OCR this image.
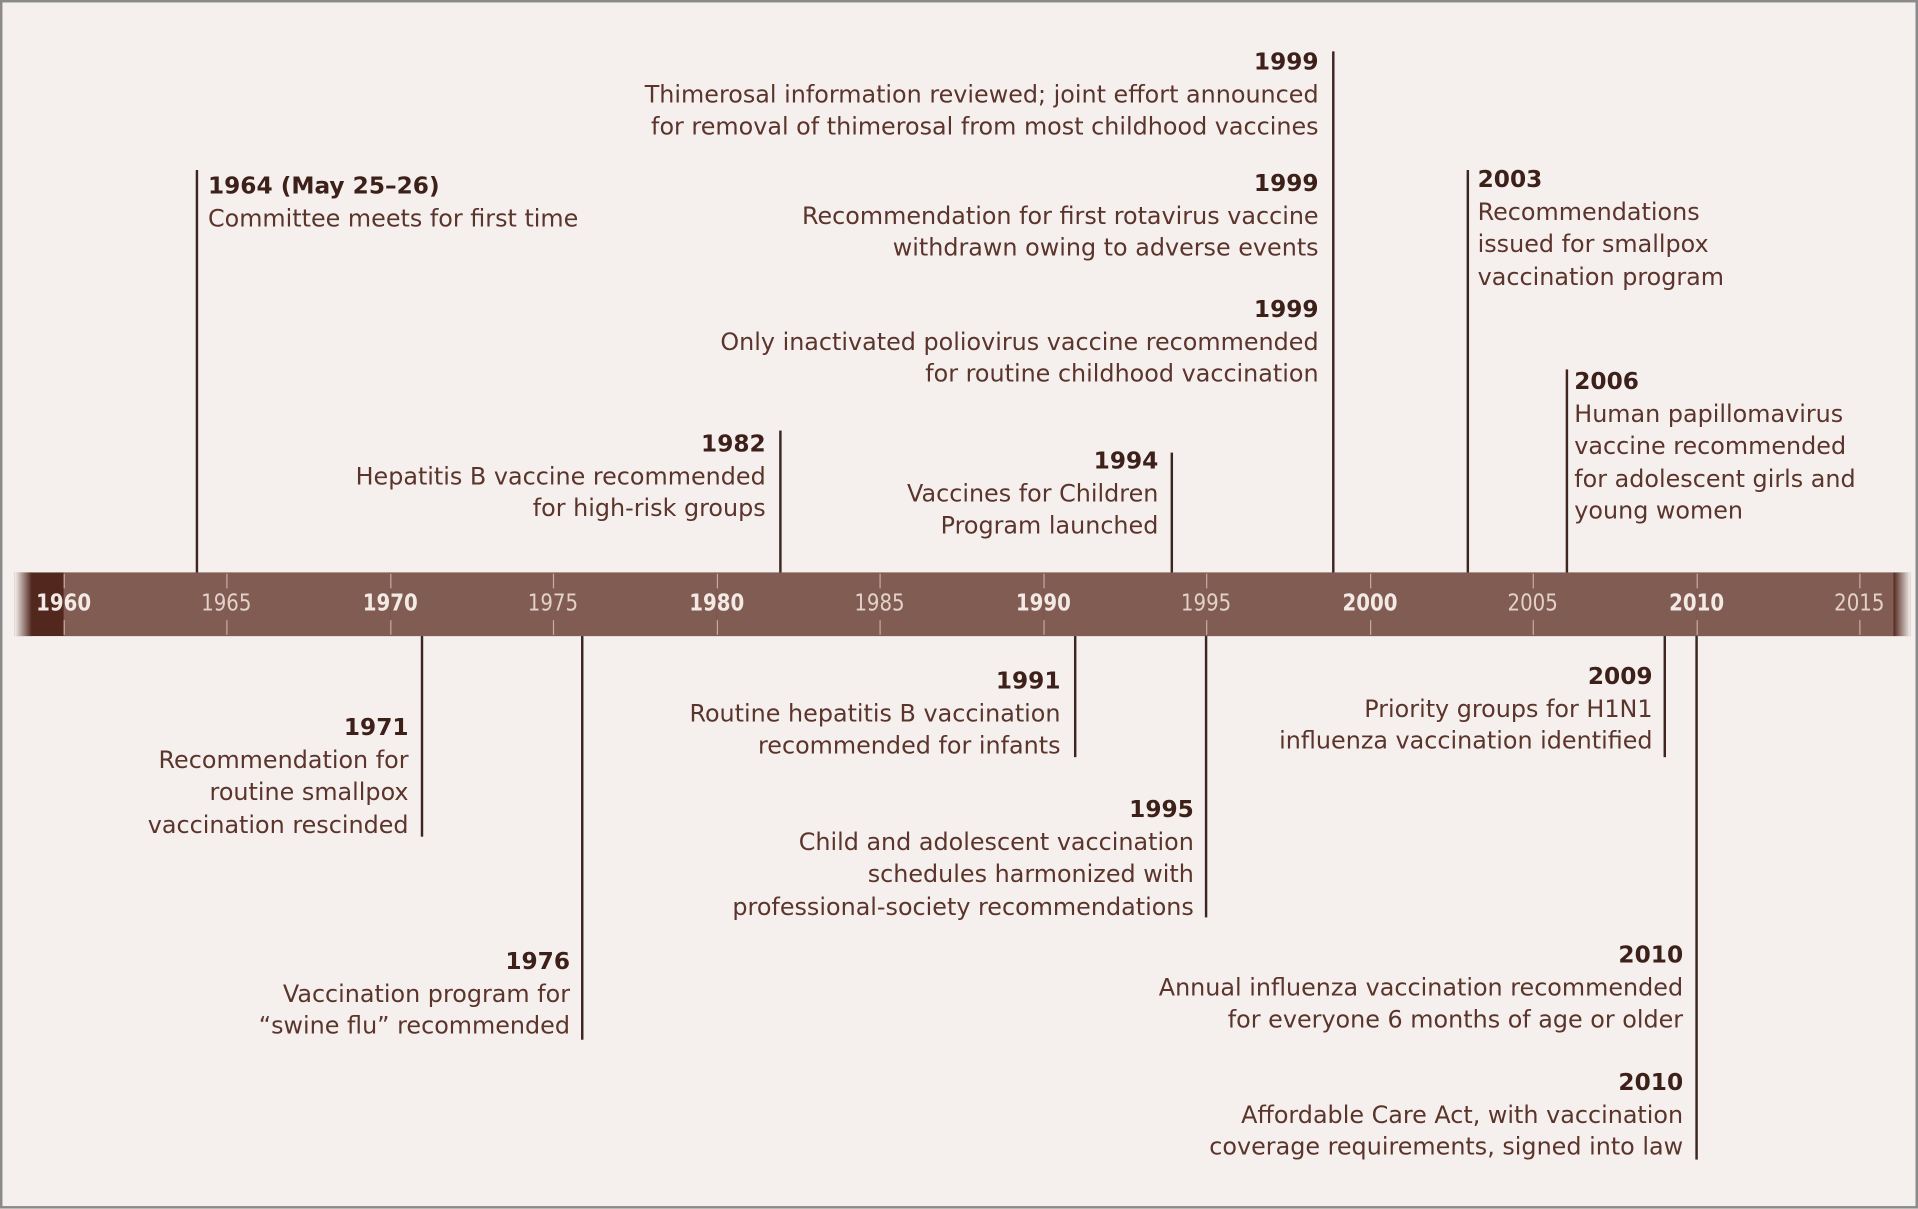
1960	1965	1970	1975	1980	1985	1990	1995	2000	2005	2010	2015
1964 (May 25–26)
Committee meets for first time
1982
Hepatitis B vaccine recommended
for high-risk groups
1994
Vaccines for Children
Program launched
1999
Thimerosal information reviewed; joint effort announced
for removal of thimerosal from most childhood vaccines
1999
Recommendation for first rotavirus vaccine
withdrawn owing to adverse events
1999
Only inactivated poliovirus vaccine recommended
for routine childhood vaccination
2003
Recommendations
issued for smallpox
vaccination program
2006
Human papillomavirus
vaccine recommended
for adolescent girls and
young women
1971
Recommendation for
routine smallpox
vaccination rescinded
1976
Vaccination program for
“swine flu” recommended
1991
Routine hepatitis B vaccination
recommended for infants
1995
Child and adolescent vaccination
schedules harmonized with
professional-society recommendations
2009
Priority groups for H1N1
influenza vaccination identified
2010
Annual influenza vaccination recommended
for everyone 6 months of age or older
2010
Affordable Care Act, with vaccination
coverage requirements, signed into law
